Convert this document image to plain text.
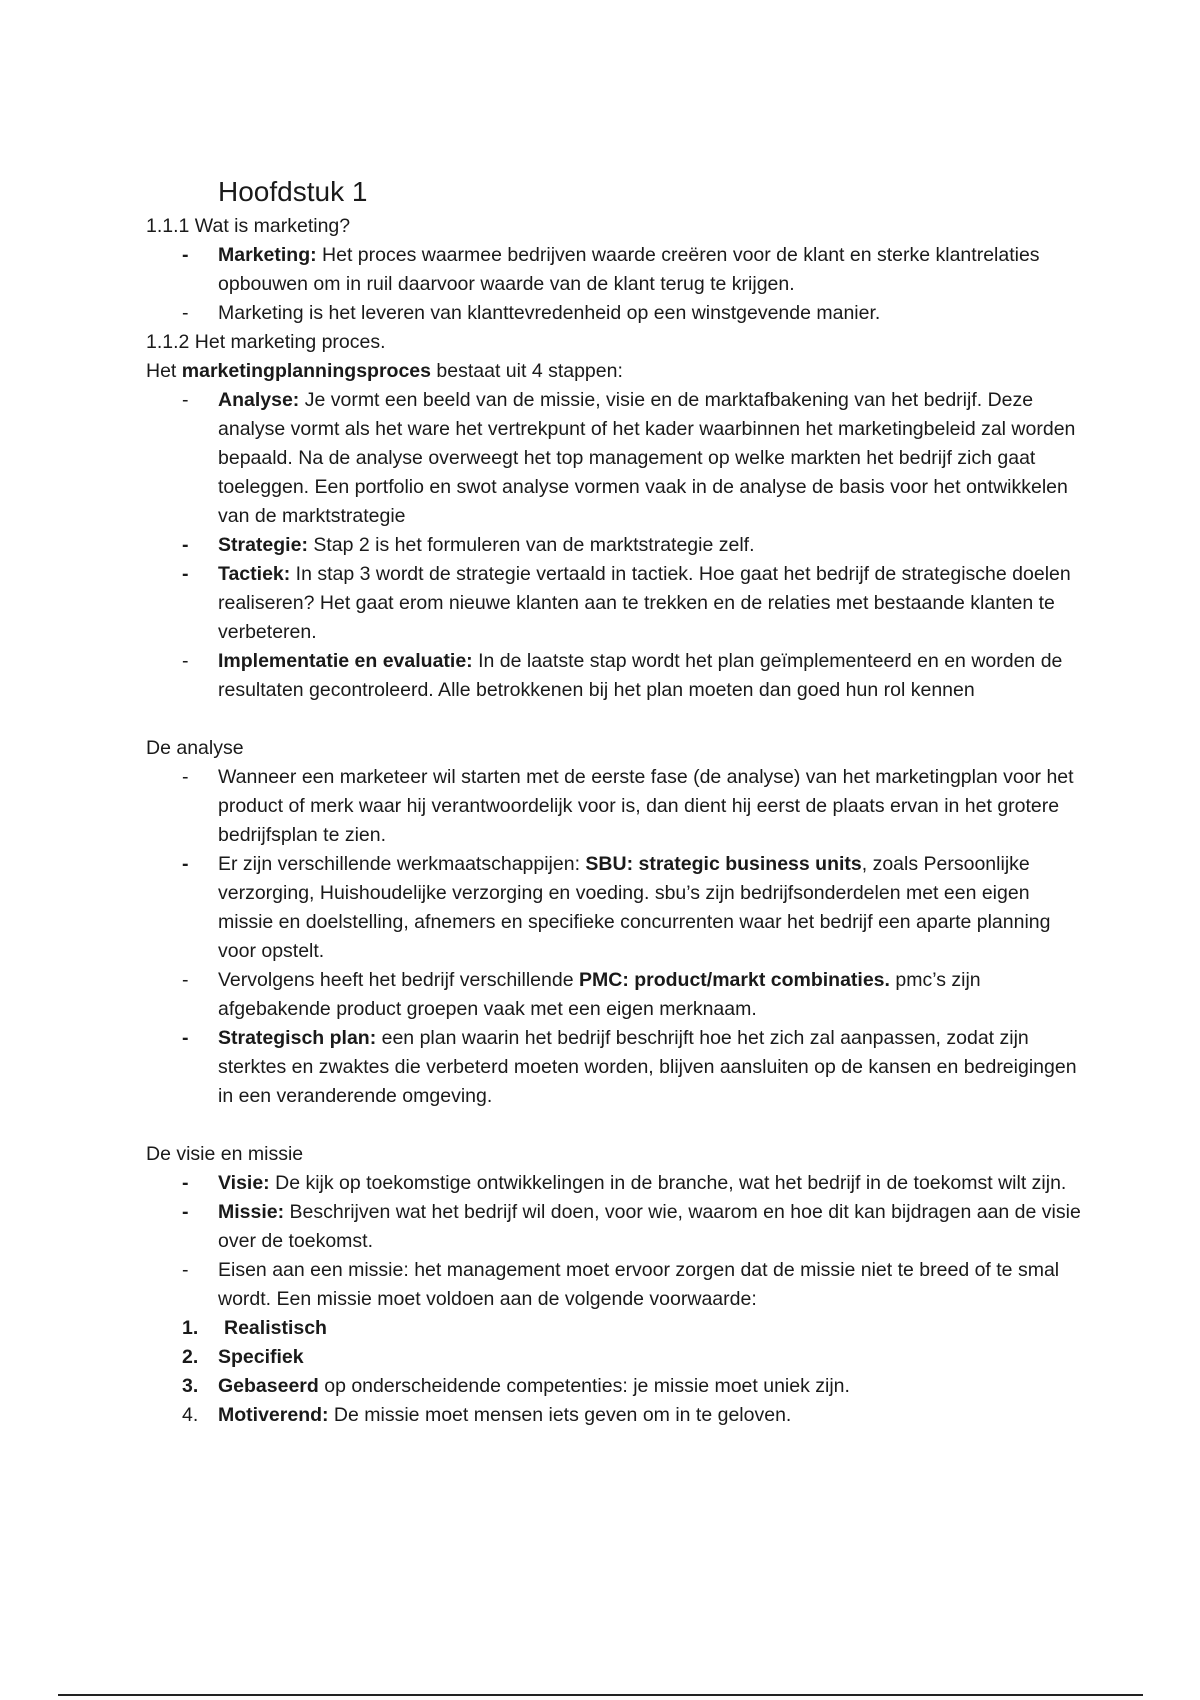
Hoofdstuk 1

1.1.1 Wat is marketing?

- Marketing: Het proces waarmee bedrijven waarde creëren voor de klant en sterke klantrelaties opbouwen om in ruil daarvoor waarde van de klant terug te krijgen.
- Marketing is het leveren van klanttevredenheid op een winstgevende manier.

1.1.2 Het marketing proces.

Het marketingplanningsproces bestaat uit 4 stappen:

- Analyse: Je vormt een beeld van de missie, visie en de marktafbakening van het bedrijf. Deze analyse vormt als het ware het vertrekpunt of het kader waarbinnen het marketingbeleid zal worden bepaald. Na de analyse overweegt het top management op welke markten het bedrijf zich gaat toeleggen. Een portfolio en swot analyse vormen vaak in de analyse de basis voor het ontwikkelen van de marktstrategie
- Strategie: Stap 2 is het formuleren van de marktstrategie zelf.
- Tactiek: In stap 3 wordt de strategie vertaald in tactiek. Hoe gaat het bedrijf de strategische doelen realiseren? Het gaat erom nieuwe klanten aan te trekken en de relaties met bestaande klanten te verbeteren.
- Implementatie en evaluatie: In de laatste stap wordt het plan geïmplementeerd en en worden de resultaten gecontroleerd. Alle betrokkenen bij het plan moeten dan goed hun rol kennen

De analyse

- Wanneer een marketeer wil starten met de eerste fase (de analyse) van het marketingplan voor het product of merk waar hij verantwoordelijk voor is, dan dient hij eerst de plaats ervan in het grotere bedrijfsplan te zien.
- Er zijn verschillende werkmaatschappijen: SBU: strategic business units, zoals Persoonlijke verzorging, Huishoudelijke verzorging en voeding. sbu’s zijn bedrijfsonderdelen met een eigen missie en doelstelling, afnemers en specifieke concurrenten waar het bedrijf een aparte planning voor opstelt.
- Vervolgens heeft het bedrijf verschillende PMC: product/markt combinaties. pmc’s zijn afgebakende product groepen vaak met een eigen merknaam.
- Strategisch plan: een plan waarin het bedrijf beschrijft hoe het zich zal aanpassen, zodat zijn sterktes en zwaktes die verbeterd moeten worden, blijven aansluiten op de kansen en bedreigingen in een veranderende omgeving.

De visie en missie

- Visie: De kijk op toekomstige ontwikkelingen in de branche, wat het bedrijf in de toekomst wilt zijn.
- Missie: Beschrijven wat het bedrijf wil doen, voor wie, waarom en hoe dit kan bijdragen aan de visie over de toekomst.
- Eisen aan een missie: het management moet ervoor zorgen dat de missie niet te breed of te smal wordt. Een missie moet voldoen aan de volgende voorwaarde:
1. Realistisch
2. Specifiek
3. Gebaseerd op onderscheidende competenties: je missie moet uniek zijn.
4. Motiverend: De missie moet mensen iets geven om in te geloven.
